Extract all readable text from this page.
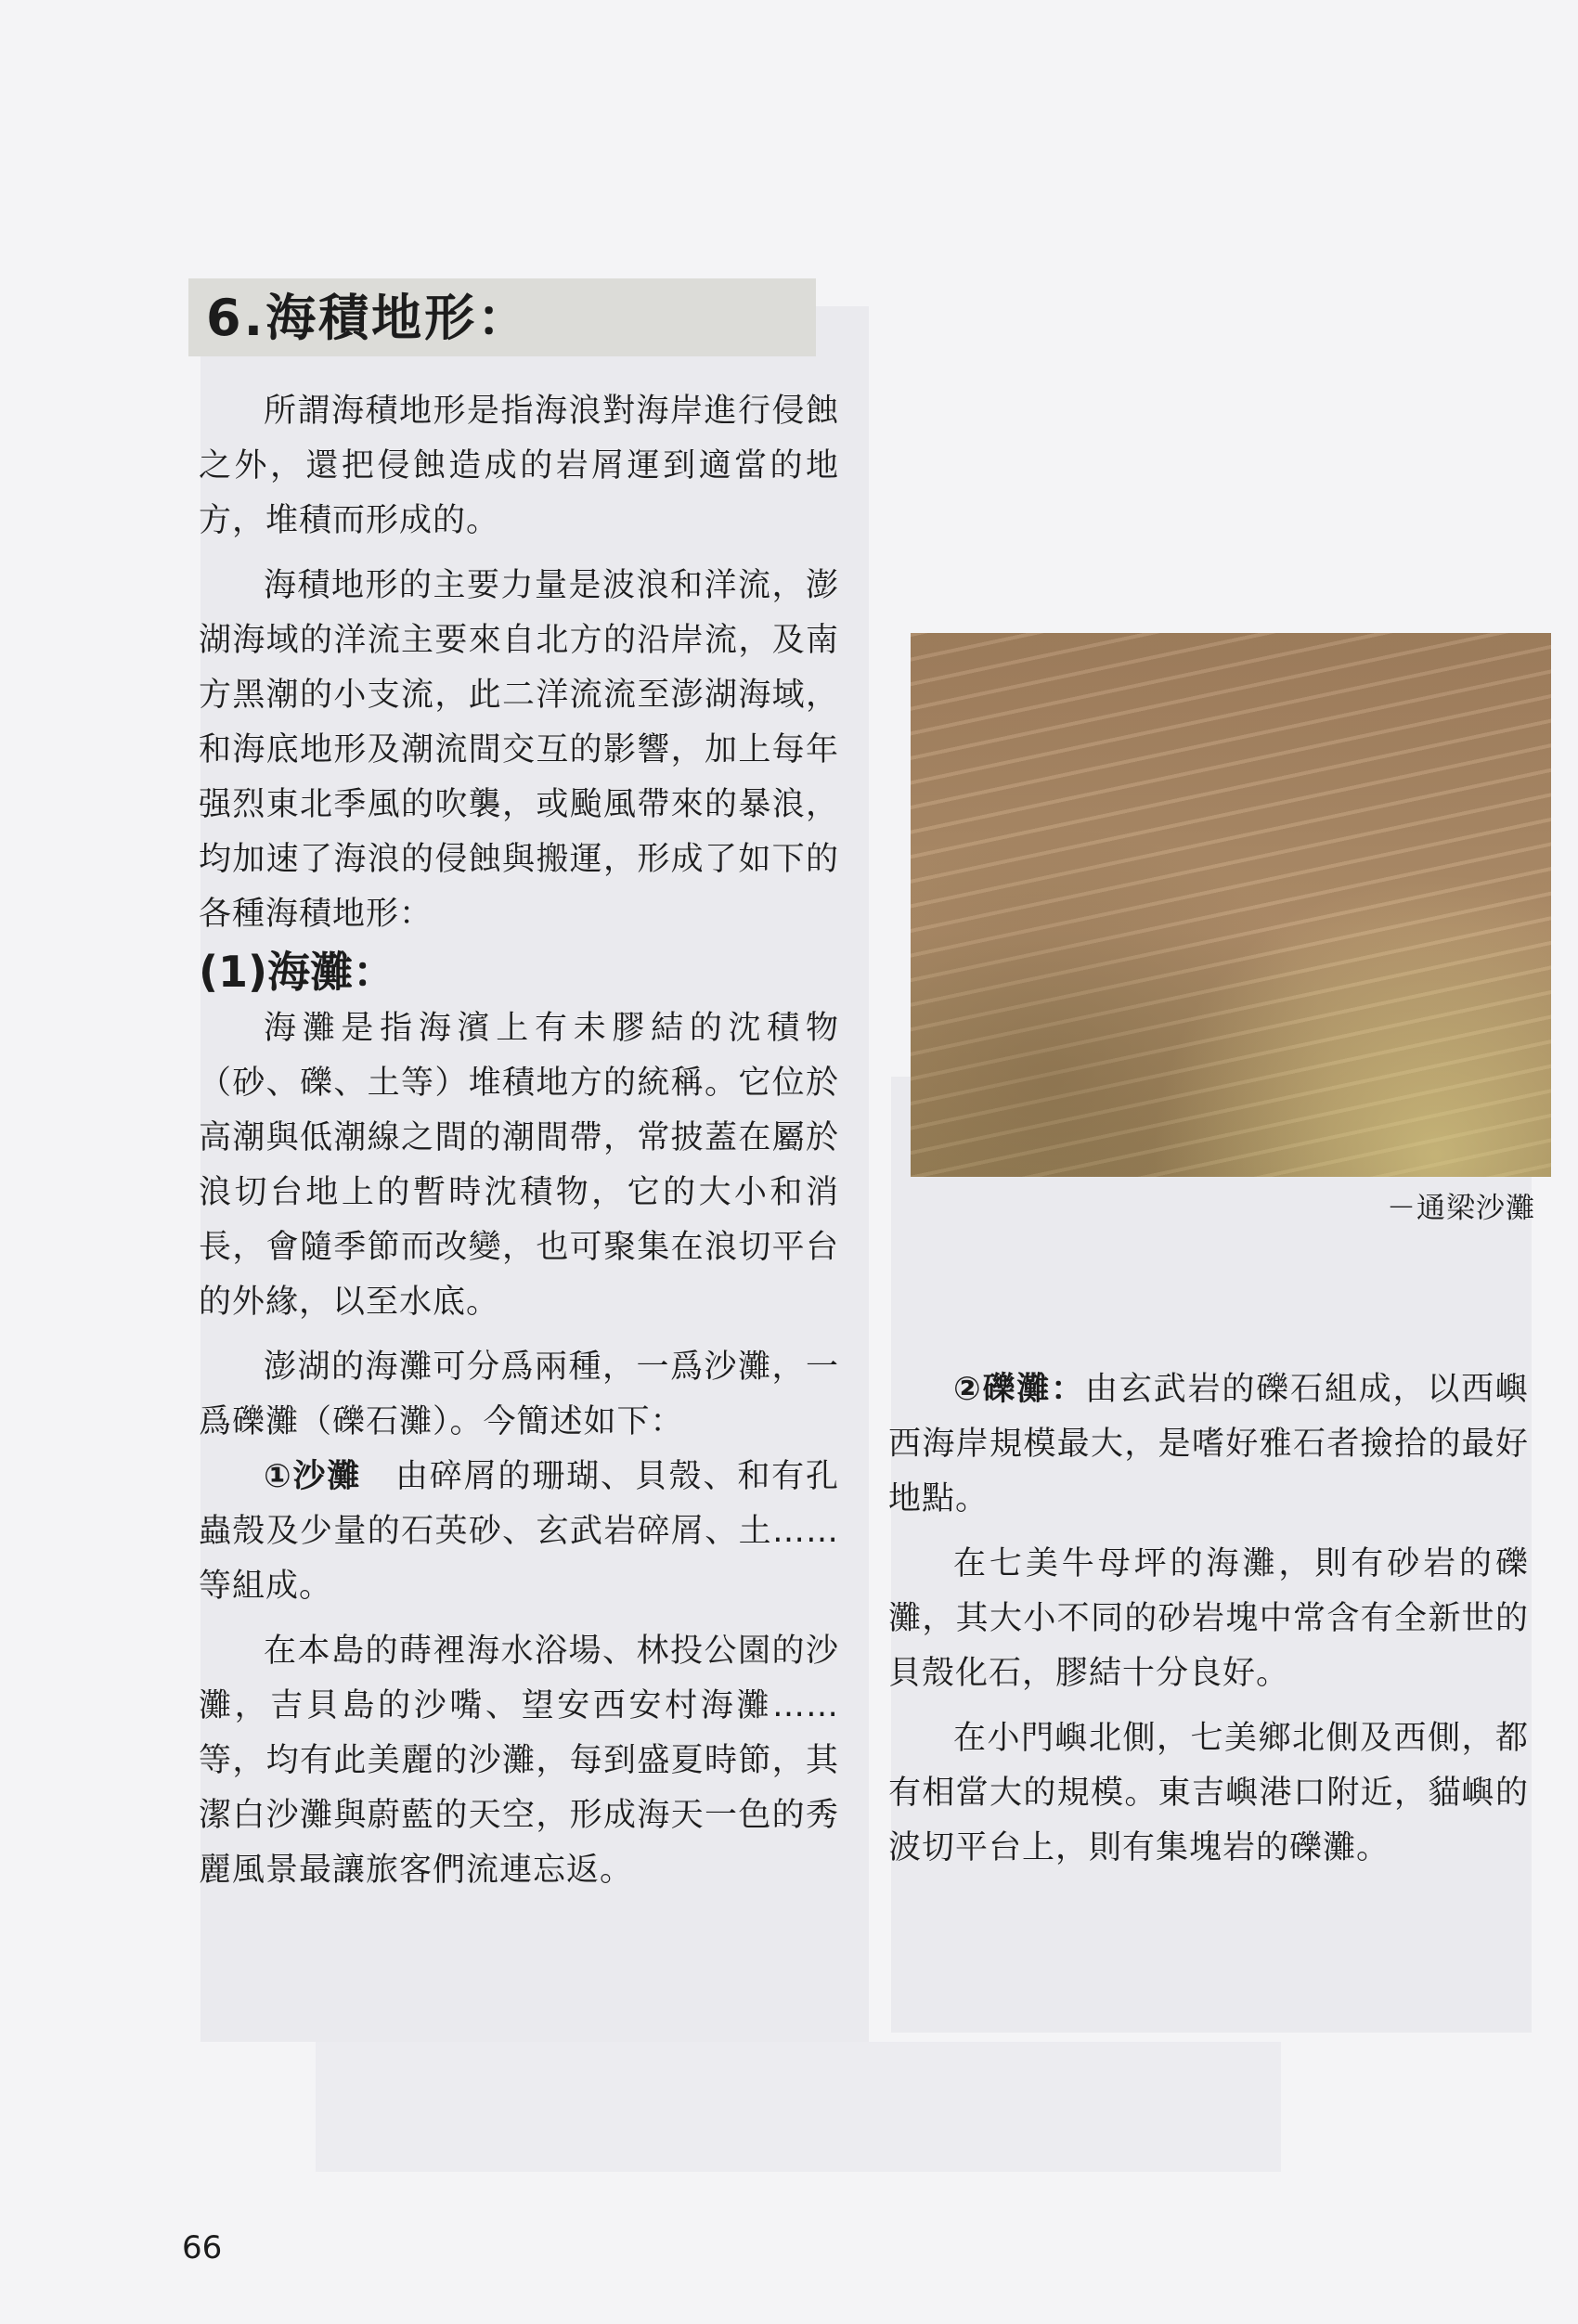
6.海積地形：

所謂海積地形是指海浪對海岸進行侵蝕之外，還把侵蝕造成的岩屑運到適當的地方，堆積而形成的。

海積地形的主要力量是波浪和洋流，澎湖海域的洋流主要來自北方的沿岸流，及南方黑潮的小支流，此二洋流流至澎湖海域，和海底地形及潮流間交互的影響，加上每年强烈東北季風的吹襲，或颱風帶來的暴浪，均加速了海浪的侵蝕與搬運，形成了如下的各種海積地形：

(1)海灘：

海灘是指海濱上有未膠結的沈積物（砂、礫、土等）堆積地方的統稱。它位於高潮與低潮線之間的潮間帶，常披蓋在屬於浪切台地上的暫時沈積物，它的大小和消長，會隨季節而改變，也可聚集在浪切平台的外緣，以至水底。

澎湖的海灘可分爲兩種，一爲沙灘，一爲礫灘（礫石灘）。今簡述如下：

①沙灘　 由碎屑的珊瑚、貝殼、和有孔蟲殼及少量的石英砂、玄武岩碎屑、土……等組成。

在本島的蒔裡海水浴場、林投公園的沙灘，吉貝島的沙嘴、望安西安村海灘……等，均有此美麗的沙灘，每到盛夏時節，其潔白沙灘與蔚藍的天空，形成海天一色的秀麗風景最讓旅客們流連忘返。

－通梁沙灘

②礫灘：由玄武岩的礫石組成，以西嶼西海岸規模最大，是嗜好雅石者撿拾的最好地點。

在七美牛母坪的海灘，則有砂岩的礫灘，其大小不同的砂岩塊中常含有全新世的貝殼化石，膠結十分良好。

在小門嶼北側，七美鄉北側及西側，都有相當大的規模。東吉嶼港口附近，貓嶼的波切平台上，則有集塊岩的礫灘。

66
